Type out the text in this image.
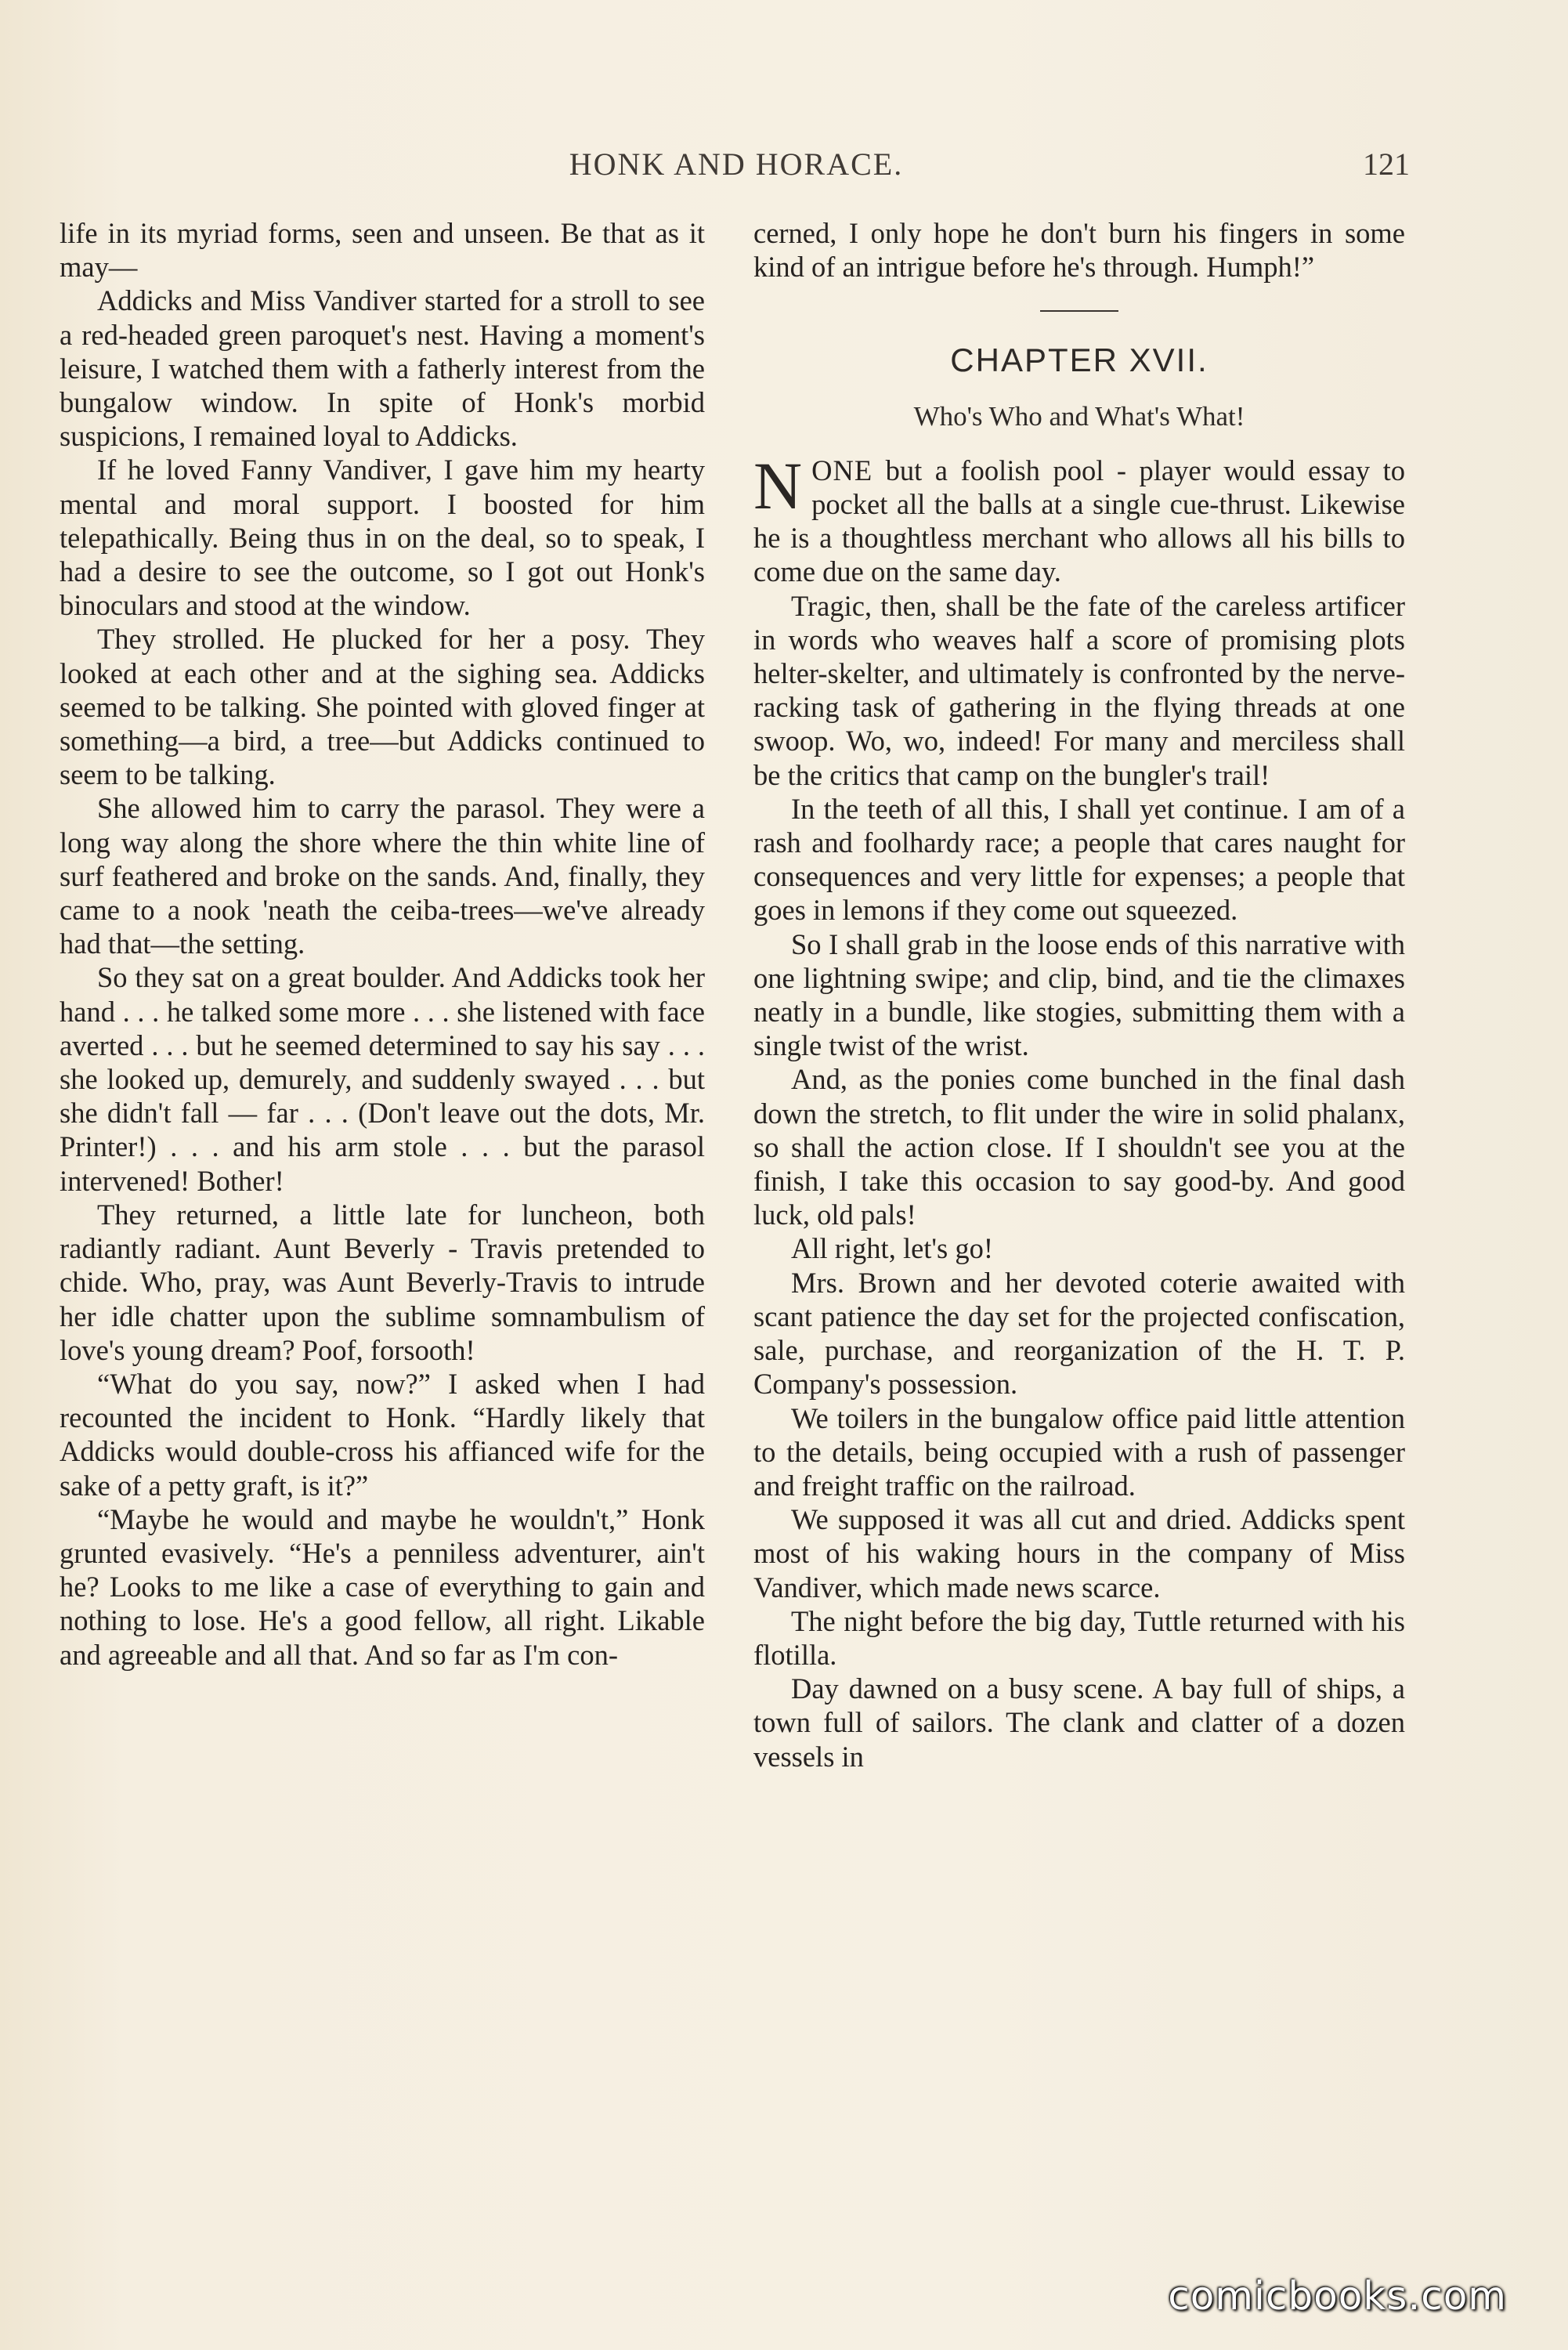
HONK AND HORACE.	121

life in its myriad forms, seen and unseen. Be that as it may—

Addicks and Miss Vandiver started for a stroll to see a red-headed green paroquet's nest. Having a moment's leisure, I watched them with a fatherly interest from the bungalow window. In spite of Honk's morbid suspicions, I remained loyal to Addicks.

If he loved Fanny Vandiver, I gave him my hearty mental and moral support. I boosted for him telepathically. Being thus in on the deal, so to speak, I had a desire to see the outcome, so I got out Honk's binoculars and stood at the window.

They strolled. He plucked for her a posy. They looked at each other and at the sighing sea. Addicks seemed to be talking. She pointed with gloved finger at something—a bird, a tree—but Addicks continued to seem to be talking.

She allowed him to carry the parasol. They were a long way along the shore where the thin white line of surf feathered and broke on the sands. And, finally, they came to a nook 'neath the ceiba-trees—we've already had that—the setting.

So they sat on a great boulder. And Addicks took her hand . . . he talked some more . . . she listened with face averted . . . but he seemed determined to say his say . . . she looked up, demurely, and suddenly swayed . . . but she didn't fall — far . . . (Don't leave out the dots, Mr. Printer!) . . . and his arm stole . . . but the parasol intervened! Bother!

They returned, a little late for luncheon, both radiantly radiant. Aunt Beverly - Travis pretended to chide. Who, pray, was Aunt Beverly-Travis to intrude her idle chatter upon the sublime somnambulism of love's young dream? Poof, forsooth!

“What do you say, now?” I asked when I had recounted the incident to Honk. “Hardly likely that Addicks would double-cross his affianced wife for the sake of a petty graft, is it?”

“Maybe he would and maybe he wouldn't,” Honk grunted evasively. “He's a penniless adventurer, ain't he? Looks to me like a case of everything to gain and nothing to lose. He's a good fellow, all right. Likable and agreeable and all that. And so far as I'm con-

cerned, I only hope he don't burn his fingers in some kind of an intrigue before he's through. Humph!”

CHAPTER XVII.
Who's Who and What's What!

NONE but a foolish pool - player would essay to pocket all the balls at a single cue-thrust. Likewise he is a thoughtless merchant who allows all his bills to come due on the same day.

Tragic, then, shall be the fate of the careless artificer in words who weaves half a score of promising plots helter-skelter, and ultimately is confronted by the nerve-racking task of gathering in the flying threads at one swoop. Wo, wo, indeed! For many and merciless shall be the critics that camp on the bungler's trail!

In the teeth of all this, I shall yet continue. I am of a rash and foolhardy race; a people that cares naught for consequences and very little for expenses; a people that goes in lemons if they come out squeezed.

So I shall grab in the loose ends of this narrative with one lightning swipe; and clip, bind, and tie the climaxes neatly in a bundle, like stogies, submitting them with a single twist of the wrist.

And, as the ponies come bunched in the final dash down the stretch, to flit under the wire in solid phalanx, so shall the action close. If I shouldn't see you at the finish, I take this occasion to say good-by. And good luck, old pals!

All right, let's go!

Mrs. Brown and her devoted coterie awaited with scant patience the day set for the projected confiscation, sale, purchase, and reorganization of the H. T. P. Company's possession.

We toilers in the bungalow office paid little attention to the details, being occupied with a rush of passenger and freight traffic on the railroad.

We supposed it was all cut and dried. Addicks spent most of his waking hours in the company of Miss Vandiver, which made news scarce.

The night before the big day, Tuttle returned with his flotilla.

Day dawned on a busy scene. A bay full of ships, a town full of sailors. The clank and clatter of a dozen vessels in

comicbooks.com
